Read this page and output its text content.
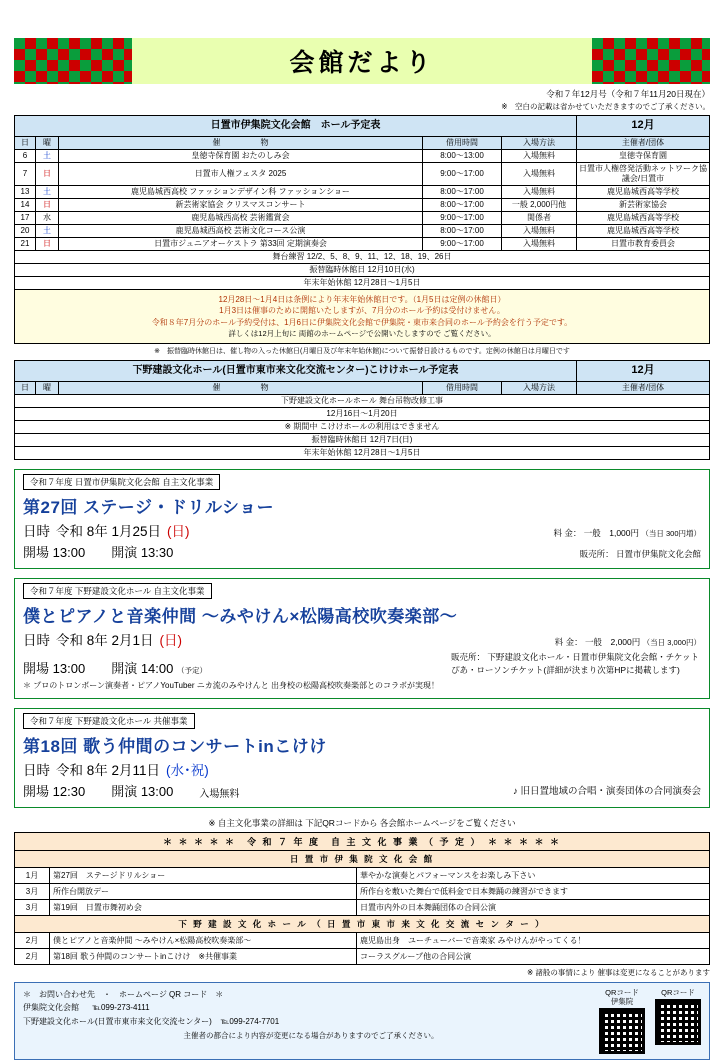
会館だより
令和７年12月号（令和７年11月20日現在）
※　空白の記載は省かせていただきますのでご了承ください。
日置市伊集院文化会館　ホール予定表					12月
日	曜	催　　　　　物	借用時間	入場方法	主催者/団体
6	土	皇徳寺保育園 おたのしみ会	8:00～13:00	入場無料	皇徳寺保育園
7	日	日置市人権フェスタ 2025	9:00～17:00	入場無料	日置市人権啓発活動ネットワーク協議会/日置市
13	土	鹿児島城西高校 ファッションデザイン科 ファッションショー	8:00～17:00	入場無料	鹿児島城西高等学校
14	日	新芸術家協会 クリスマスコンサート	8:00～17:00	一般 2,000円他	新芸術家協会
17	水	鹿児島城西高校 芸術鑑賞会	9:00～17:00	関係者	鹿児島城西高等学校
20	土	鹿児島城西高校 芸術文化コース公演	8:00～17:00	入場無料	鹿児島城西高等学校
21	日	日置市ジュニアオーケストラ 第33回 定期演奏会	9:00～17:00	入場無料	日置市教育委員会
舞台練習 12/2、5、8、9、11、12、18、19、26日					
振替臨時休館日 12月10日(水)					
年末年始休館 12月28日～1月5日					
12月28日～1月4日は条例により年末年始休館日です。（1月5日は定例の休館日）
1月3日は催事のために開館いたしますが、7月分のホール予約は受付けません。
令和８年7月分のホール予約受付は、1月6日に伊集院文化会館で伊集院・東市来合同のホール予約会を行う予定です。
詳しくは12月上旬に 両館のホームページで公開いたしますので ご覧ください。
※　振替臨時休館日は、催し物の入った休館日(月曜日及び年末年始休館)について振替日設けるものです。定例の休館日は月曜日です
下野建設文化ホール(日置市東市来文化交流センター)こけけホール予定表					12月
日	曜	催　　　　　物	借用時間	入場方法	主催者/団体
下野建設文化ホールホール 舞台吊物改修工事					
12月16日～1月20日					
※ 期間中 こけけホールの利用はできません					
振替臨時休館日 12月7日(日)					
年末年始休館 12月28日～1月5日					
令和７年度 日置市伊集院文化会館 自主文化事業
第27回 ステージ・ドリルショー
日時 令和 8年 1月25日 (日)	料 金： 一般　1,000円 （当日 300円増）
開場 13:00 開演 13:30	販売所： 日置市伊集院文化会館
令和７年度 下野建設文化ホール 自主文化事業
僕とピアノと音楽仲間 ～みやけん×松陽高校吹奏楽部～
日時 令和 8年 2月1日 (日)	料 金： 一般　2,000円 （当日 3,000円）
開場 13:00 開演 14:00 （予定）
販売所： 下野建設文化ホール・日置市伊集院文化会館・チケットぴあ・ローソンチケット(詳細が決まり次第HPに掲載します)
＊ プロのトロンボーン演奏者・ピアノYouTuber ニカ流のみやけんと 出身校の松陽高校吹奏楽部とのコラボが実現！
令和７年度 下野建設文化ホール 共催事業
第18回 歌う仲間のコンサートinこけけ
日時 令和 8年 2月11日 (水･祝)
開場 12:30 開演 13:00	入場無料	♪ 旧日置地域の合唱・演奏団体の合同演奏会
※ 自主文化事業の詳細は 下記QRコードから 各会館ホームページをご覧ください
＊ ＊ ＊ ＊ ＊　令 和 ７ 年 度　自 主 文 化 事 業 （ 予 定 ）　＊ ＊ ＊ ＊ ＊		
日 置 市 伊 集 院 文 化 会 館		
1月	第27回　ステージドリルショー	華やかな演奏とパフォーマンスをお楽しみ下さい
3月	所作台開放デー	所作台を敷いた舞台で低料金で日本舞踊の練習ができます
3月	第19回　日置市舞初め会	日置市内外の日本舞踊団体の合同公演
下 野 建 設 文 化 ホ ー ル （ 日 置 市 東 市 来 文 化 交 流 セ ン タ ー ）		
2月	僕とピアノと音楽仲間 ～みやけん×松陽高校吹奏楽部～	鹿児島出身　ユーチューバーで音楽家 みやけんがやってくる！
2月	第18回 歌う仲間のコンサートinこけけ　※共催事業	コーラスグループ他の合同公演
※ 諸般の事情により 催事は変更になることがあります
＊　お問い合わせ先　・　ホームページ QR コード　＊
伊集院文化会館 ℡099-273-4111
下野建設文化ホール(日置市東市来文化交流センター) ℡099-274-7701
主催者の都合により内容が変更になる場合がありますのでご了承ください。
QRコード
伊集院
QRコード
